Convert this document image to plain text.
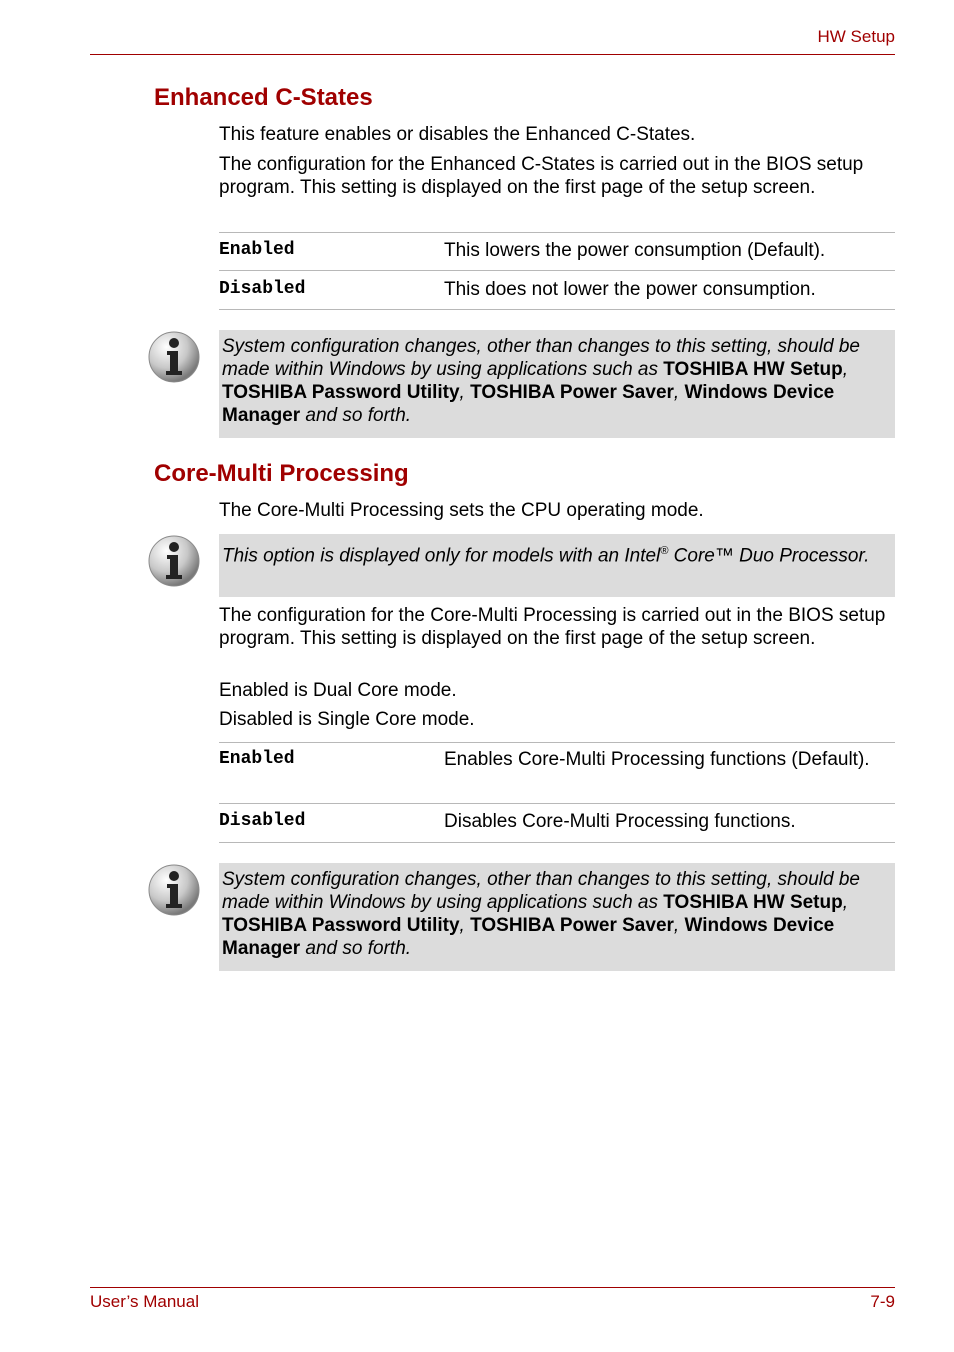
HW Setup
Enhanced C-States
This feature enables or disables the Enhanced C-States.
The configuration for the Enhanced C-States is carried out in the BIOS setup program. This setting is displayed on the first page of the setup screen.
Enabled	This lowers the power consumption (Default).
Disabled	This does not lower the power consumption.
System configuration changes, other than changes to this setting, should be made within Windows by using applications such as TOSHIBA HW Setup, TOSHIBA Password Utility, TOSHIBA Power Saver, Windows Device Manager and so forth.
Core-Multi Processing
The Core-Multi Processing sets the CPU operating mode.
This option is displayed only for models with an Intel® Core™ Duo Processor.
The configuration for the Core-Multi Processing is carried out in the BIOS setup program. This setting is displayed on the first page of the setup screen.
Enabled is Dual Core mode.
Disabled is Single Core mode.
Enabled	Enables Core-Multi Processing functions (Default).
Disabled	Disables Core-Multi Processing functions.
System configuration changes, other than changes to this setting, should be made within Windows by using applications such as TOSHIBA HW Setup, TOSHIBA Password Utility, TOSHIBA Power Saver, Windows Device Manager and so forth.
User’s Manual	7-9
